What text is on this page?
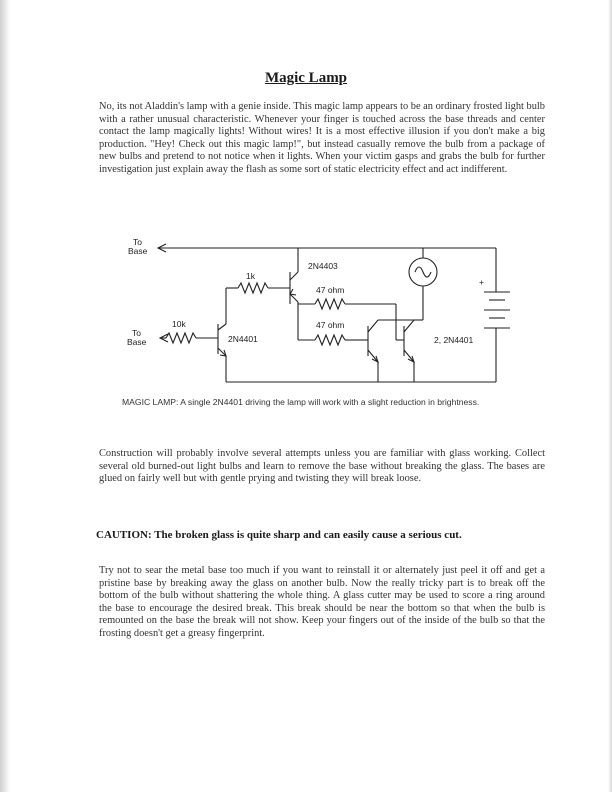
Magic Lamp
No, its not Aladdin's lamp with a genie inside. This magic lamp appears to be an ordinary frosted light bulb with a rather unusual characteristic. Whenever your finger is touched across the base threads and center contact the lamp magically lights! Without wires! It is a most effective illusion if you don't make a big production. "Hey! Check out this magic lamp!", but instead casually remove the bulb from a package of new bulbs and pretend to not notice when it lights. When your victim gasps and grabs the bulb for further investigation just explain away the flash as some sort of static electricity effect and act indifferent.
To
Base
+
2N4403
1k
47 ohm
47 ohm
2, 2N4401
2N4401
10k
To
Base
MAGIC LAMP: A single 2N4401 driving the lamp will work with a slight reduction in brightness.
Construction will probably involve several attempts unless you are familiar with glass working. Collect several old burned-out light bulbs and learn to remove the base without breaking the glass. The bases are glued on fairly well but with gentle prying and twisting they will break loose.
CAUTION: The broken glass is quite sharp and can easily cause a serious cut.
Try not to sear the metal base too much if you want to reinstall it or alternately just peel it off and get a pristine base by breaking away the glass on another bulb. Now the really tricky part is to break off the bottom of the bulb without shattering the whole thing. A glass cutter may be used to score a ring around the base to encourage the desired break. This break should be near the bottom so that when the bulb is remounted on the base the break will not show. Keep your fingers out of the inside of the bulb so that the frosting doesn't get a greasy fingerprint.
